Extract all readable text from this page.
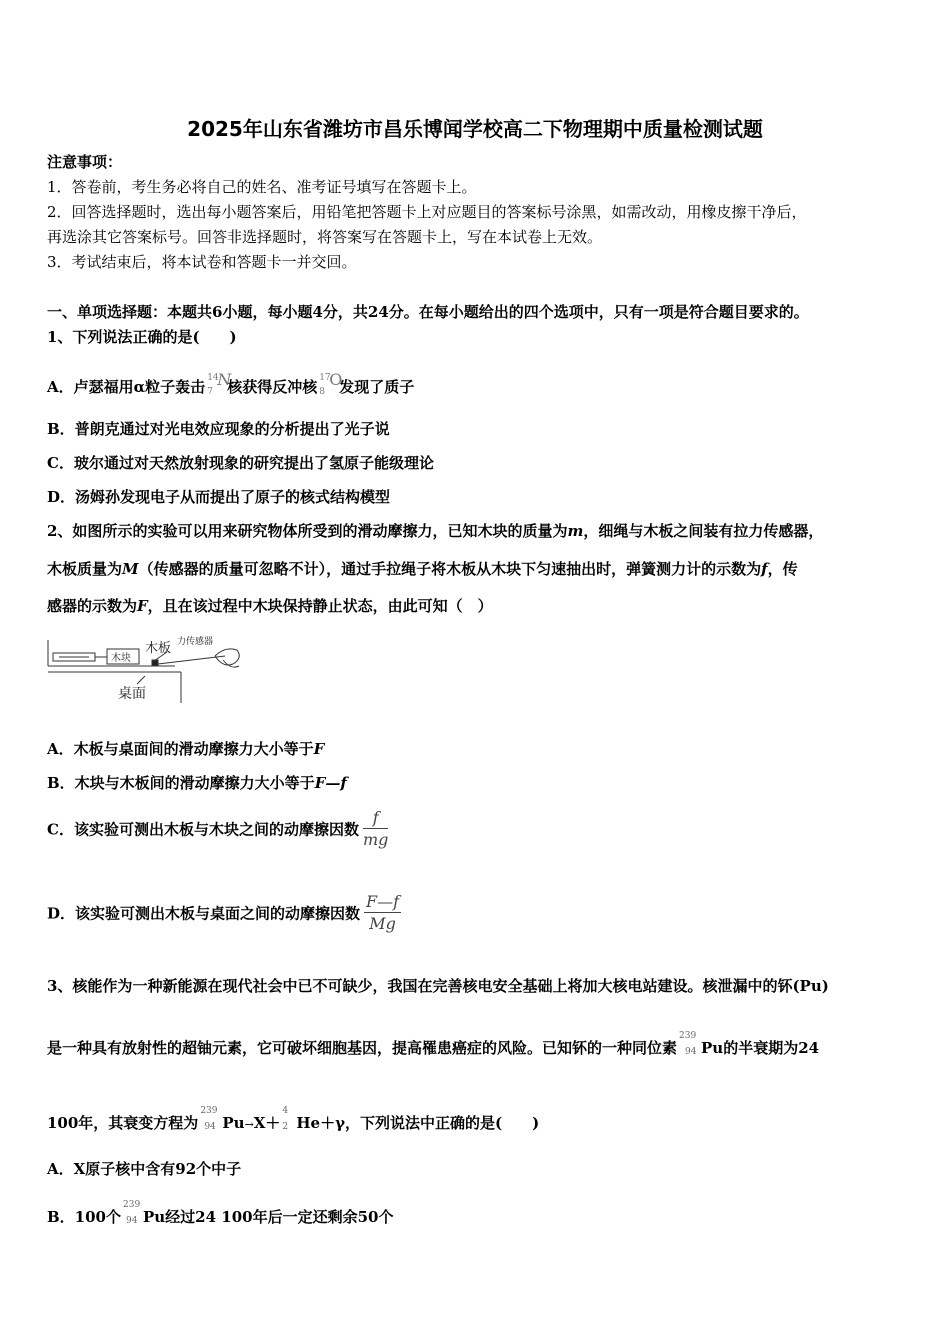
2025年山东省潍坊市昌乐博闻学校高二下物理期中质量检测试题
注意事项：
1．答卷前，考生务必将自己的姓名、准考证号填写在答题卡上。
2．回答选择题时，选出每小题答案后，用铅笔把答题卡上对应题目的答案标号涂黑，如需改动，用橡皮擦干净后，
再选涂其它答案标号。回答非选择题时，将答案写在答题卡上，写在本试卷上无效。
3．考试结束后，将本试卷和答题卡一并交回。
一、单项选择题：本题共6小题，每小题4分，共24分。在每小题给出的四个选项中，只有一项是符合题目要求的。
1、下列说法正确的是(　　)
A．卢瑟福用α粒子轰击 14
7
N
核获得反冲核 17
8
O
发现了质子
B．普朗克通过对光电效应现象的分析提出了光子说
C．玻尔通过对天然放射现象的研究提出了氢原子能级理论
D．汤姆孙发现电子从而提出了原子的核式结构模型
2、如图所示的实验可以用来研究物体所受到的滑动摩擦力，已知木块的质量为m，细绳与木板之间装有拉力传感器，
木板质量为M（传感器的质量可忽略不计），通过手拉绳子将木板从木块下匀速抽出时，弹簧测力计的示数为f，传
感器的示数为F，且在该过程中木块保持静止状态，由此可知（　）
木块
木板 力传感器
桌面
A．木板与桌面间的滑动摩擦力大小等于F
B．木块与木板间的滑动摩擦力大小等于F—f
C．该实验可测出木板与木块之间的动摩擦因数 $\frac{f}{mg}$
D．该实验可测出木板与桌面之间的动摩擦因数 $\frac{F—f}{Mg}$
3、核能作为一种新能源在现代社会中已不可缺少，我国在完善核电安全基础上将加大核电站建设。核泄漏中的钚(Pu)
是一种具有放射性的超铀元素，它可破坏细胞基因，提高罹患癌症的风险。已知钚的一种同位素
239
94 Pu的半衰期为24
100年，其衰变方程为
239
94 Pu→X＋
4
2 He＋γ，下列说法中正确的是(　　)
A．X原子核中含有92个中子
B．100个
239
94 Pu经过24 100年后一定还剩余50个
